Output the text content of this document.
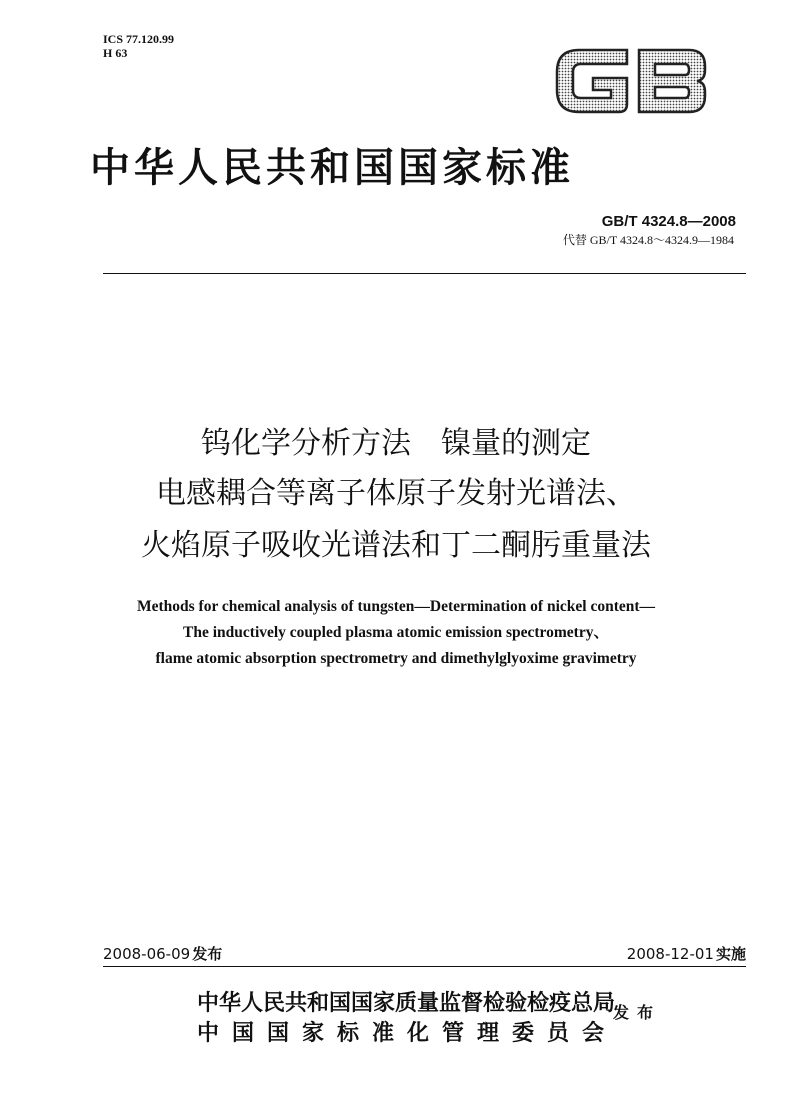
ICS 77.120.99
H 63
中华人民共和国国家标准
GB/T 4324.8—2008
代替 GB/T 4324.8～4324.9—1984
钨化学分析方法　镍量的测定
电感耦合等离子体原子发射光谱法、
火焰原子吸收光谱法和丁二酮肟重量法
Methods for chemical analysis of tungsten—Determination of nickel content—
The inductively coupled plasma atomic emission spectrometry、
flame atomic absorption spectrometry and dimethylglyoxime gravimetry
2008-06-09 发布	2008-12-01 实施
中华人民共和国国家质量监督检验检疫总局
中国国家标准化管理委员会
发布
